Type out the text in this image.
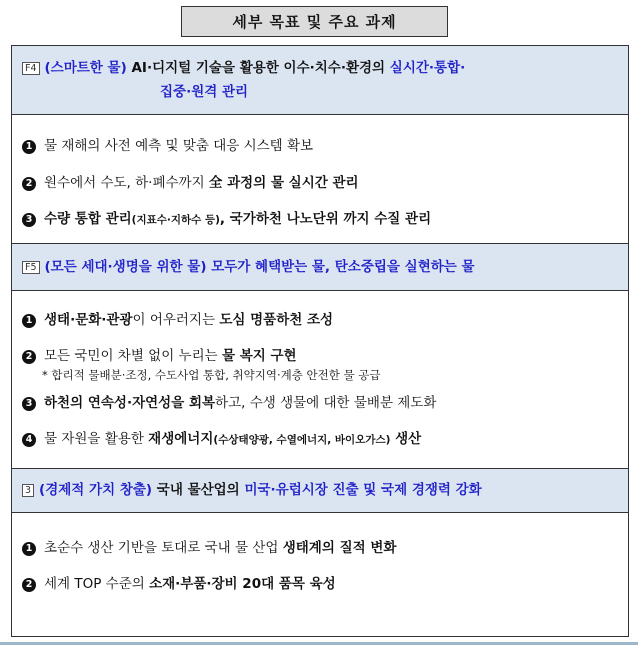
세부 목표 및 주요 과제
F4 (스마트한 물) AI·디지털 기술을 활용한 이수·치수·환경의 실시간·통합·
집중·원격 관리
1 물 재해의 사전 예측 및 맞춤 대응 시스템 확보
2 원수에서 수도, 하·폐수까지 全 과정의 물 실시간 관리
3 수량 통합 관리(지표수·지하수 등), 국가하천 나노단위 까지 수질 관리
F5 (모든 세대·생명을 위한 물) 모두가 혜택받는 물, 탄소중립을 실현하는 물
1 생태·문화·관광이 어우러지는 도심 명품하천 조성
2 모든 국민이 차별 없이 누리는 물 복지 구현
* 합리적 물배분·조정, 수도사업 통합, 취약지역·계층 안전한 물 공급
3 하천의 연속성·자연성을 회복하고, 수생 생물에 대한 물배분 제도화
4 물 자원을 활용한 재생에너지(수상태양광, 수열에너지, 바이오가스) 생산
3 (경제적 가치 창출) 국내 물산업의 미국·유럽시장 진출 및 국제 경쟁력 강화
1 초순수 생산 기반을 토대로 국내 물 산업 생태계의 질적 변화
2 세계 TOP 수준의 소재·부품·장비 20대 품목 육성
